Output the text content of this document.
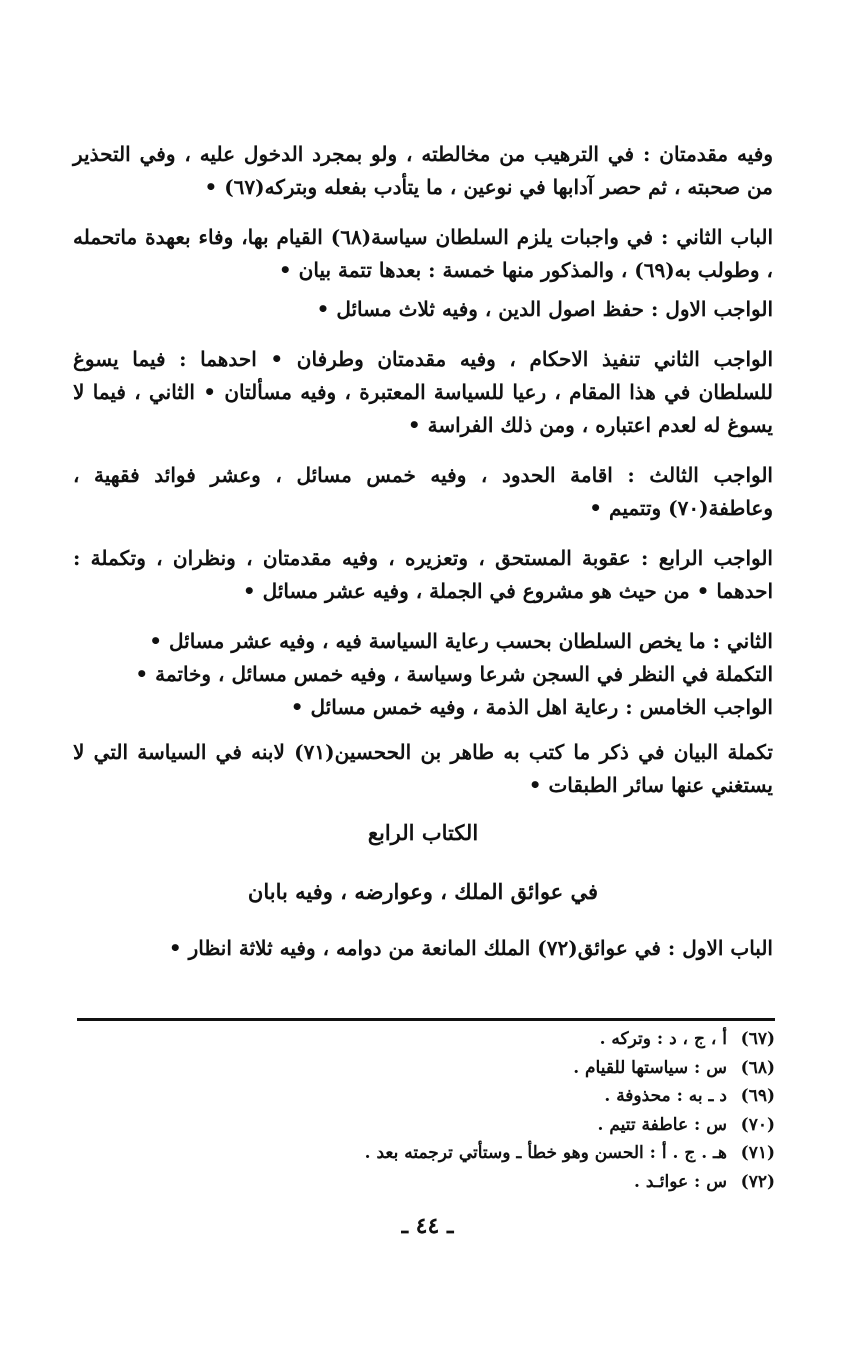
وفيه مقدمتان : في الترهيب من مخالطته ، ولو بمجرد الدخول عليه ، وفي التحذير من صحبته ، ثم حصر آدابها في نوعين ، ما يتأدب بفعله وبتركه(٦٧) •

الباب الثاني : في واجبات يلزم السلطان سياسة(٦٨) القيام بها، وفاء بعهدة ماتحمله ، وطولب به(٦٩) ، والمذكور منها خمسة : بعدها تتمة بيان •

الواجب الاول : حفظ اصول الدين ، وفيه ثلاث مسائل •

الواجب الثاني تنفيذ الاحكام ، وفيه مقدمتان وطرفان • احدهما : فيما يسوغ للسلطان في هذا المقام ، رعيا للسياسة المعتبرة ، وفيه مسألتان • الثاني ، فيما لا يسوغ له لعدم اعتباره ، ومن ذلك الفراسة •

الواجب الثالث : اقامة الحدود ، وفيه خمس مسائل ، وعشر فوائد فقهية ، وعاطفة(٧٠) وتتميم •

الواجب الرابع : عقوبة المستحق ، وتعزيره ، وفيه مقدمتان ، ونظران ، وتكملة : احدهما • من حيث هو مشروع في الجملة ، وفيه عشر مسائل •

الثاني : ما يخص السلطان بحسب رعاية السياسة فيه ، وفيه عشر مسائل •

التكملة في النظر في السجن شرعا وسياسة ، وفيه خمس مسائل ، وخاتمة •

الواجب الخامس : رعاية اهل الذمة ، وفيه خمس مسائل •

تكملة البيان في ذكر ما كتب به طاهر بن الححسين(٧١) لابنه في السياسة التي لا يستغني عنها سائر الطبقات •

الكتاب الرابع

في عوائق الملك ، وعوارضه ، وفيه بابان

الباب الاول : في عوائق(٧٢) الملك المانعة من دوامه ، وفيه ثلاثة انظار •

(٦٧)
أ ، ج ، د : وتركه .
(٦٨)
س : سياستها للقيام .
(٦٩)
د ـ به : محذوفة .
(٧٠)
س : عاطفة تتيم .
(٧١)
هـ . ج . أ : الحسن وهو خطأ ـ وستأتي ترجمته بعد .
(٧٢)
س : عوائـد .
ـ ٤٤ ـ
